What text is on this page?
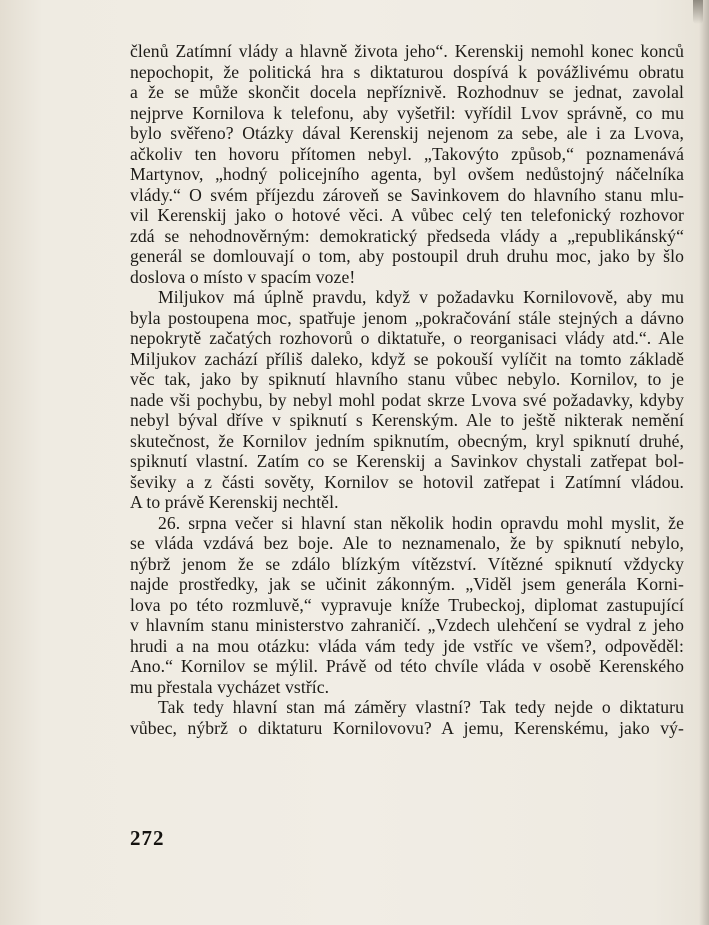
členů Zatímní vlády a hlavně života jeho“. Kerenskij nemohl konec konců
nepochopit, že politická hra s diktaturou dospívá k povážlivému obratu
a že se může skončit docela nepříznivě. Rozhodnuv se jednat, zavolal
nejprve Kornilova k telefonu, aby vyšetřil: vyřídil Lvov správně, co mu
bylo svěřeno? Otázky dával Kerenskij nejenom za sebe, ale i za Lvova,
ačkoliv ten hovoru přítomen nebyl. „Takovýto způsob,“ poznamenává
Martynov, „hodný policejního agenta, byl ovšem nedůstojný náčelníka
vlády.“ O svém příjezdu zároveň se Savinkovem do hlavního stanu mlu-
vil Kerenskij jako o hotové věci. A vůbec celý ten telefonický rozhovor
zdá se nehodnověrným: demokratický předseda vlády a „republikánský“
generál se domlouvají o tom, aby postoupil druh druhu moc, jako by šlo
doslova o místo v spacím voze!
Miljukov má úplně pravdu, když v požadavku Kornilovově, aby mu
byla postoupena moc, spatřuje jenom „pokračování stále stejných a dávno
nepokrytě začatých rozhovorů o diktatuře, o reorganisaci vlády atd.“. Ale
Miljukov zachází příliš daleko, když se pokouší vylíčit na tomto základě
věc tak, jako by spiknutí hlavního stanu vůbec nebylo. Kornilov, to je
nade vši pochybu, by nebyl mohl podat skrze Lvova své požadavky, kdyby
nebyl býval dříve v spiknutí s Kerenským. Ale to ještě nikterak nemění
skutečnost, že Kornilov jedním spiknutím, obecným, kryl spiknutí druhé,
spiknutí vlastní. Zatím co se Kerenskij a Savinkov chystali zatřepat bol-
ševiky a z části sověty, Kornilov se hotovil zatřepat i Zatímní vládou.
A to právě Kerenskij nechtěl.
26. srpna večer si hlavní stan několik hodin opravdu mohl myslit, že
se vláda vzdává bez boje. Ale to neznamenalo, že by spiknutí nebylo,
nýbrž jenom že se zdálo blízkým vítězství. Vítězné spiknutí vždycky
najde prostředky, jak se učinit zákonným. „Viděl jsem generála Korni-
lova po této rozmluvě,“ vypravuje kníže Trubeckoj, diplomat zastupující
v hlavním stanu ministerstvo zahraničí. „Vzdech ulehčení se vydral z jeho
hrudi a na mou otázku: vláda vám tedy jde vstříc ve všem?, odpověděl:
Ano.“ Kornilov se mýlil. Právě od této chvíle vláda v osobě Kerenského
mu přestala vycházet vstříc.
Tak tedy hlavní stan má záměry vlastní? Tak tedy nejde o diktaturu
vůbec, nýbrž o diktaturu Kornilovovu? A jemu, Kerenskému, jako vý-
272
